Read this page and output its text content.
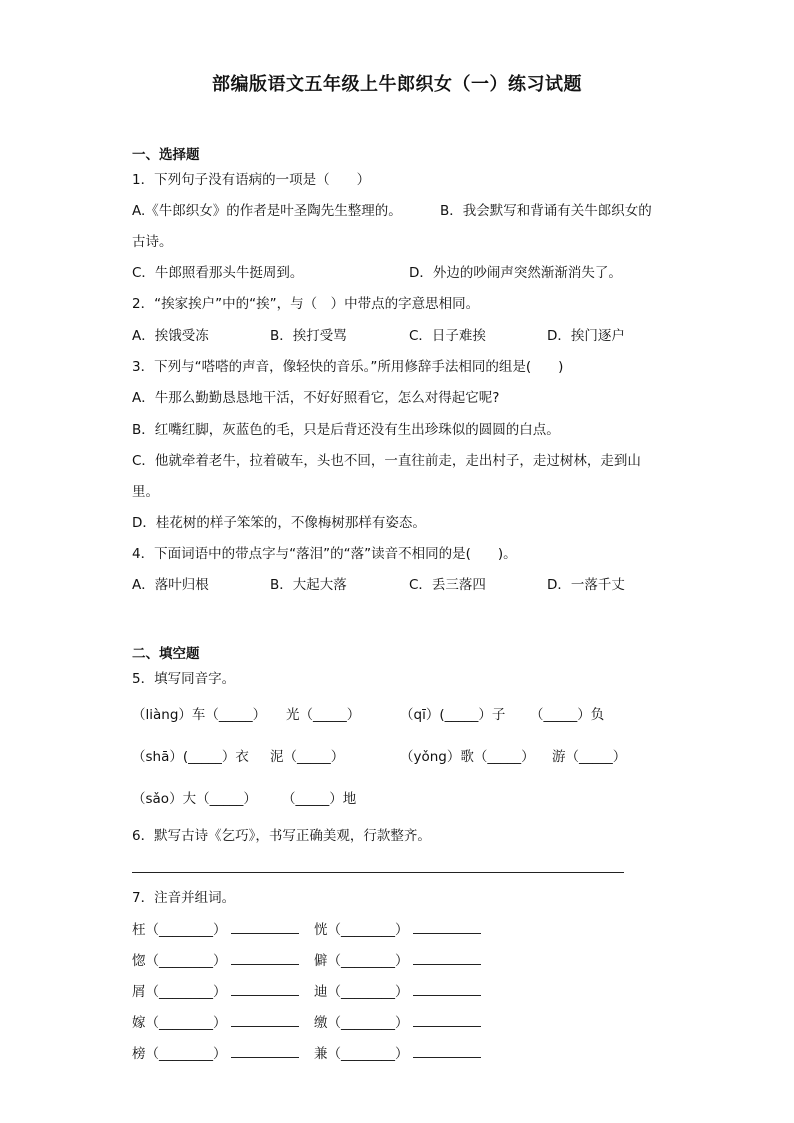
部编版语文五年级上牛郎织女（一）练习试题
一、选择题
1．下列句子没有语病的一项是（　　）
A.《牛郎织女》的作者是叶圣陶先生整理的。	B．我会默写和背诵有关牛郎织女的
古诗。
C．牛郎照看那头牛挺周到。	D．外边的吵闹声突然渐渐消失了。
2．“挨家挨户”中的“挨”，与（　）中带点的字意思相同。
A．挨饿受冻	B．挨打受骂	C．日子难挨	D．挨门逐户
3．下列与“嗒嗒的声音，像轻快的音乐。”所用修辞手法相同的组是(　　)
A．牛那么勤勤恳恳地干活，不好好照看它，怎么对得起它呢?
B．红嘴红脚，灰蓝色的毛，只是后背还没有生出珍珠似的圆圆的白点。
C．他就牵着老牛，拉着破车，头也不回，一直往前走，走出村子，走过树林，走到山
里。
D．桂花树的样子笨笨的，不像梅树那样有姿态。
4．下面词语中的带点字与“落泪”的“落”读音不相同的是(　　)。
A．落叶归根	B．大起大落	C．丢三落四	D．一落千丈
二、填空题
5．填写同音字。
（liàng）车（_____） 光（_____）	（qī）(_____）子 （_____）负
（shā）(_____）衣 泥（_____）	（yǒng）歌（_____） 游（_____）
（sǎo）大（_____） （_____）地
6．默写古诗《乞巧》，书写正确美观，行款整齐。
7．注音并组词。
枉（________）	恍（________）
惚（________）	僻（________）
屑（________）	迪（________）
嫁（________）	缴（________）
榜（________）	兼（________）
